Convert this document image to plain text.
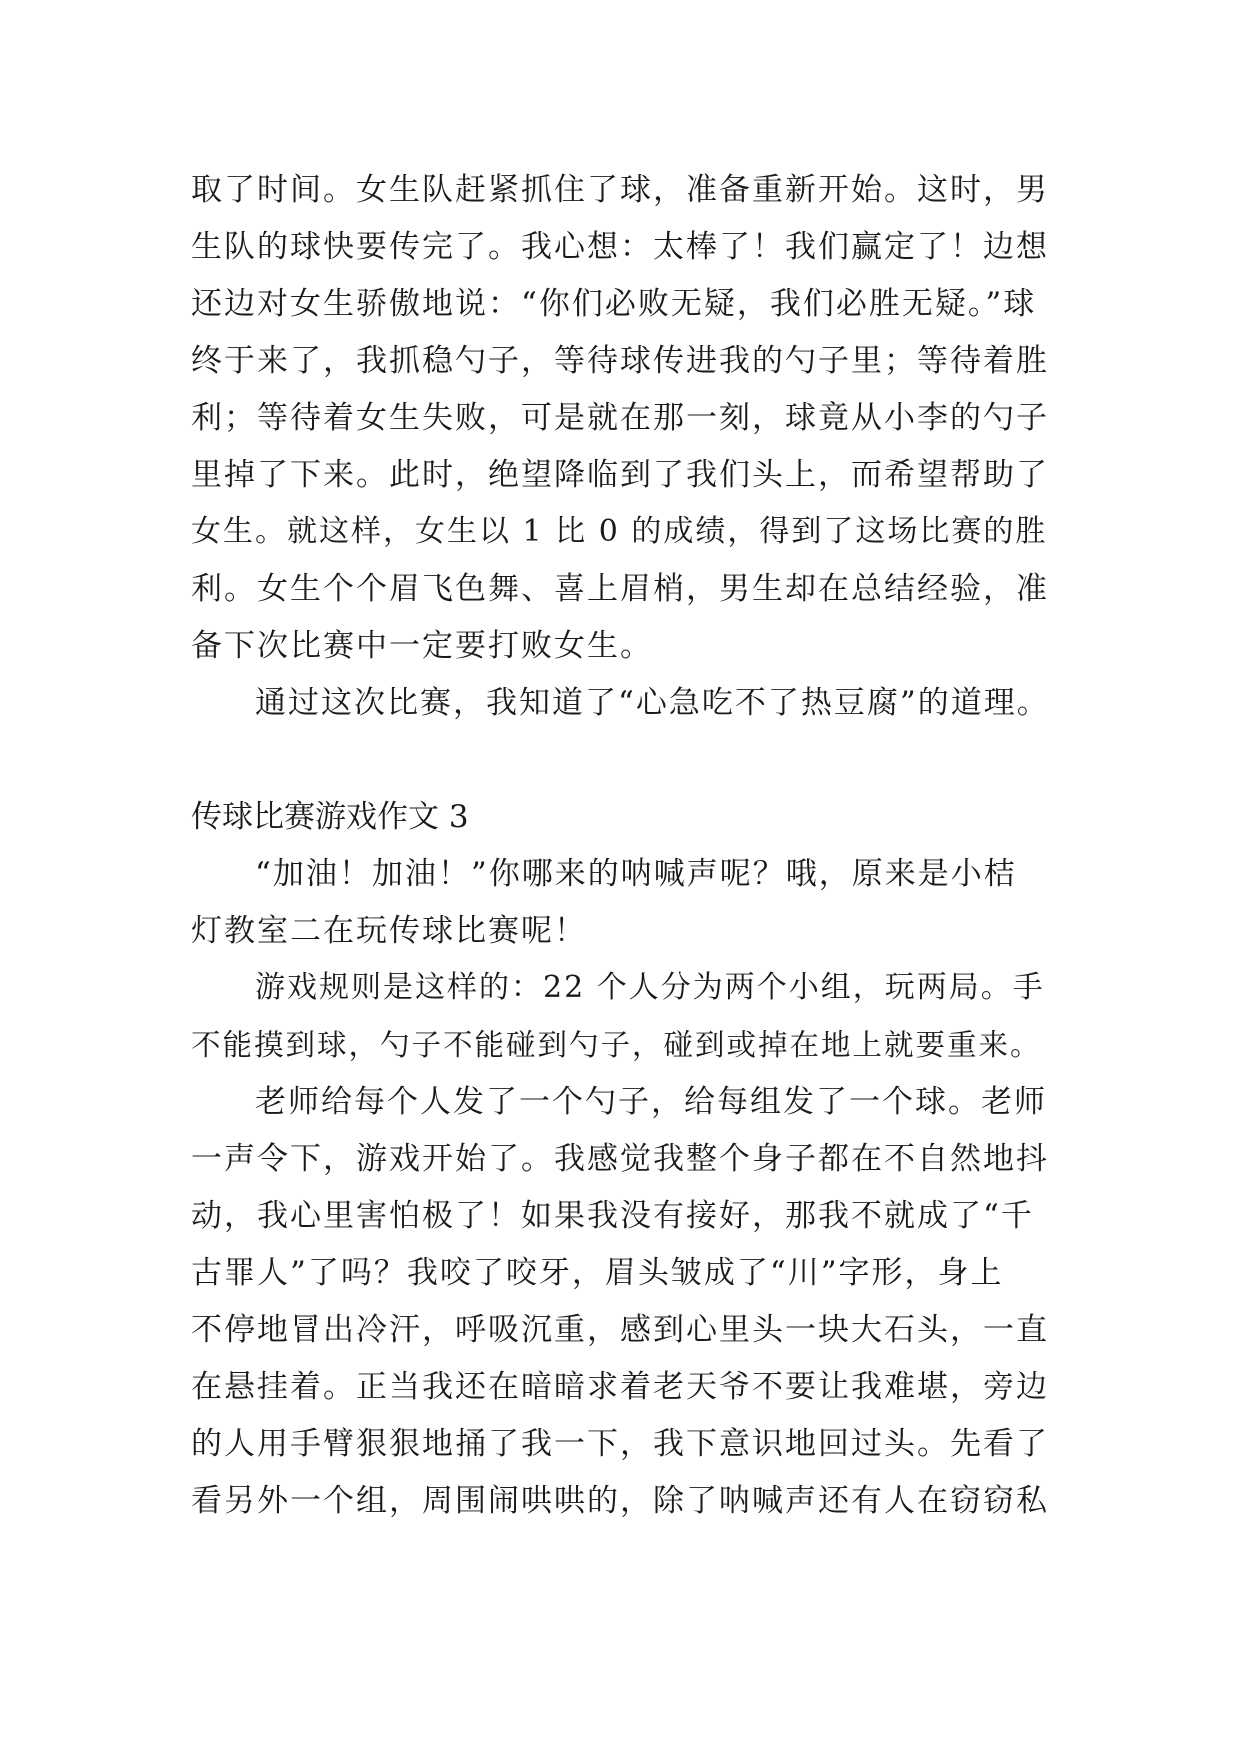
取了时间。女生队赶紧抓住了球，准备重新开始。这时，男
生队的球快要传完了。我心想：太棒了！我们赢定了！边想
还边对女生骄傲地说：“你们必败无疑，我们必胜无疑。”球
终于来了，我抓稳勺子，等待球传进我的勺子里；等待着胜
利；等待着女生失败，可是就在那一刻，球竟从小李的勺子
里掉了下来。此时，绝望降临到了我们头上，而希望帮助了
女生。就这样，女生以 1 比 0 的成绩，得到了这场比赛的胜
利。女生个个眉飞色舞、喜上眉梢，男生却在总结经验，准
备下次比赛中一定要打败女生。
通过这次比赛，我知道了“心急吃不了热豆腐”的道理。
传球比赛游戏作文 3
“加油！加油！”你哪来的呐喊声呢？哦，原来是小桔
灯教室二在玩传球比赛呢！
游戏规则是这样的：22 个人分为两个小组，玩两局。手
不能摸到球，勺子不能碰到勺子，碰到或掉在地上就要重来。
老师给每个人发了一个勺子，给每组发了一个球。老师
一声令下，游戏开始了。我感觉我整个身子都在不自然地抖
动，我心里害怕极了！如果我没有接好，那我不就成了“千
古罪人”了吗？我咬了咬牙，眉头皱成了“川”字形，身上
不停地冒出冷汗，呼吸沉重，感到心里头一块大石头，一直
在悬挂着。正当我还在暗暗求着老天爷不要让我难堪，旁边
的人用手臂狠狠地捅了我一下，我下意识地回过头。先看了
看另外一个组，周围闹哄哄的，除了呐喊声还有人在窃窃私
